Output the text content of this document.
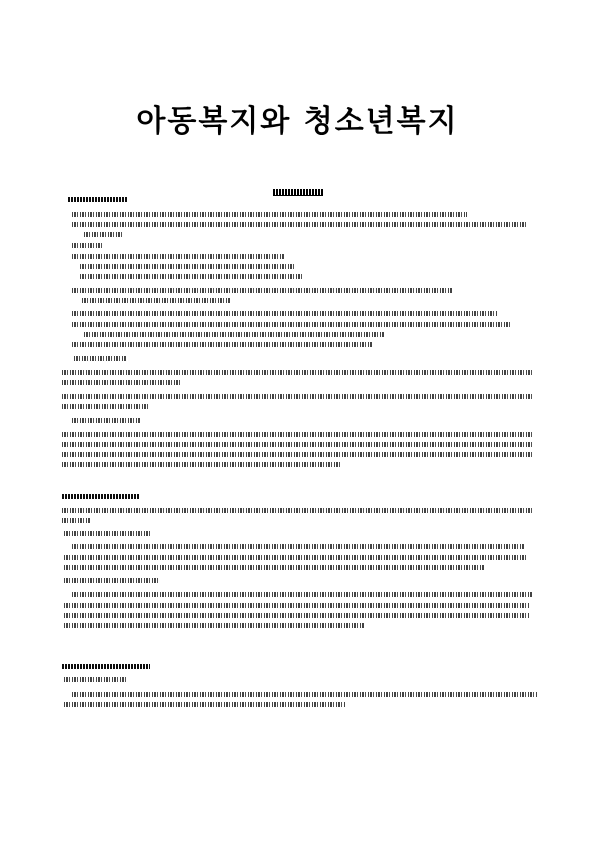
아동복지와 청소년복지
